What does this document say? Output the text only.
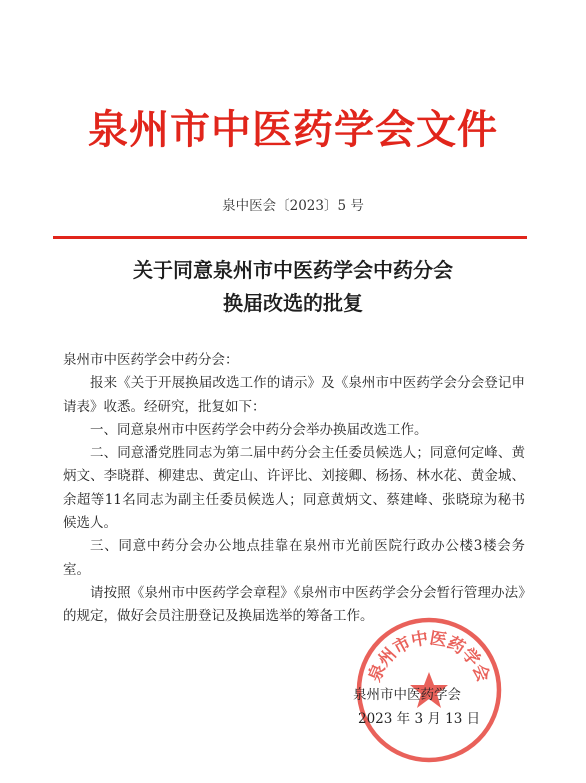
泉州市中医药学会文件
泉中医会〔2023〕5 号
关于同意泉州市中医药学会中药分会
换届改选的批复

泉州市中医药学会中药分会：

报来《关于开展换届改选工作的请示》及《泉州市中医药学会分会登记申请表》收悉。经研究，批复如下：

一、同意泉州市中医药学会中药分会举办换届改选工作。

二、同意潘党胜同志为第二届中药分会主任委员候选人；同意何定峰、黄炳文、李晓群、柳建忠、黄定山、许评比、刘接卿、杨扬、林水花、黄金城、余超等11名同志为副主任委员候选人；同意黄炳文、蔡建峰、张晓琼为秘书候选人。

三、同意中药分会办公地点挂靠在泉州市光前医院行政办公楼3楼会务室。

请按照《泉州市中医药学会章程》《泉州市中医药学会分会暂行管理办法》的规定，做好会员注册登记及换届选举的筹备工作。

泉州市中医药学会
泉州市中医药学会
2023 年 3 月 13 日
